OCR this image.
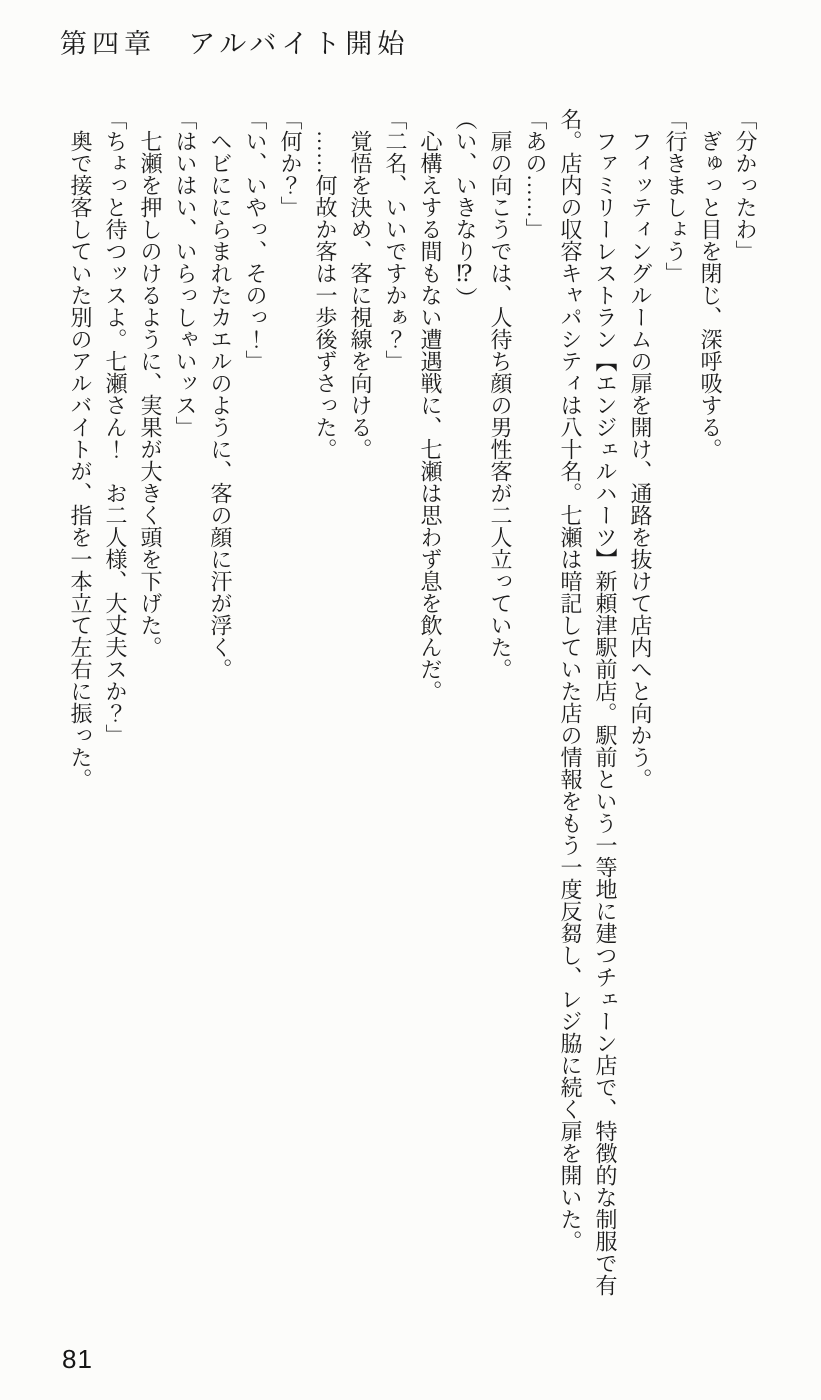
第四章 アルバイト開始

「分かったわ」

ぎゅっと目を閉じ、深呼吸する。

「行きましょう」

フィッティングルームの扉を開け、通路を抜けて店内へと向かう。

ファミリーレストラン【エンジェルハーツ】新頼津駅前店。駅前という一等地に建つチェーン店で、特徴的な制服で有名。店内の収容キャパシティは八十名。七瀬は暗記していた店の情報をもう一度反芻し、レジ脇に続く扉を開いた。

「あの……」

扉の向こうでは、人待ち顔の男性客が二人立っていた。

（い、いきなり⁉）

心構えする間もない遭遇戦に、七瀬は思わず息を飲んだ。

「二名、いいですかぁ？」

覚悟を決め、客に視線を向ける。

……何故か客は一歩後ずさった。

「何か？」

「い、いやっ、そのっ！」

ヘビににらまれたカエルのように、客の顔に汗が浮く。

「はいはい、いらっしゃいッス」

七瀬を押しのけるように、実果が大きく頭を下げた。

「ちょっと待つッスよ。七瀬さん！　お二人様、大丈夫スか？」

奥で接客していた別のアルバイトが、指を一本立て左右に振った。

81
